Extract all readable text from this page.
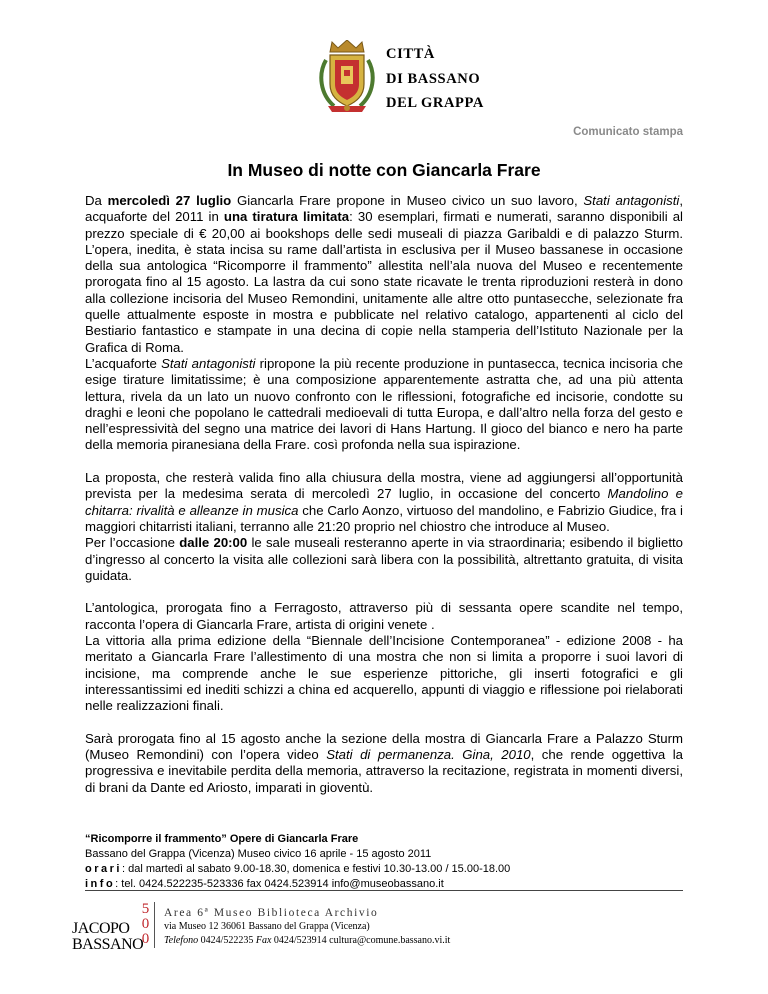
CITTÀ
DI BASSANO
DEL GRAPPA
Comunicato stampa
In Museo di notte con Giancarla Frare

Da mercoledì 27 luglio Giancarla Frare propone in Museo civico un suo lavoro, Stati antagonisti, acquaforte del 2011 in una tiratura limitata: 30 esemplari, firmati e numerati, saranno disponibili al prezzo speciale di € 20,00 ai bookshops delle sedi museali di piazza Garibaldi e di palazzo Sturm. L’opera, inedita, è stata incisa su rame dall’artista in esclusiva per il Museo bassanese in occasione della sua antologica “Ricomporre il frammento” allestita nell’ala nuova del Museo e recentemente prorogata fino al 15 agosto. La lastra da cui sono state ricavate le trenta riproduzioni resterà in dono alla collezione incisoria del Museo Remondini, unitamente alle altre otto puntasecche, selezionate fra quelle attualmente esposte in mostra e pubblicate nel relativo catalogo, appartenenti al ciclo del Bestiario fantastico e stampate in una decina di copie nella stamperia dell’Istituto Nazionale per la Grafica di Roma.

L’acquaforte Stati antagonisti ripropone la più recente produzione in puntasecca, tecnica incisoria che esige tirature limitatissime; è una composizione apparentemente astratta che, ad una più attenta lettura, rivela da un lato un nuovo confronto con le riflessioni, fotografiche ed incisorie, condotte su draghi e leoni che popolano le cattedrali medioevali di tutta Europa, e dall’altro nella forza del gesto e nell’espressività del segno una matrice dei lavori di Hans Hartung. Il gioco del bianco e nero ha parte della memoria piranesiana della Frare. così profonda nella sua ispirazione.

La proposta, che resterà valida fino alla chiusura della mostra, viene ad aggiungersi all’opportunità prevista per la medesima serata di mercoledì 27 luglio, in occasione del concerto Mandolino e chitarra: rivalità e alleanze in musica che Carlo Aonzo, virtuoso del mandolino, e Fabrizio Giudice, fra i maggiori chitarristi italiani, terranno alle 21:20 proprio nel chiostro che introduce al Museo.

Per l’occasione dalle 20:00 le sale museali resteranno aperte in via straordinaria; esibendo il biglietto d’ingresso al concerto la visita alle collezioni sarà libera con la possibilità, altrettanto gratuita, di visita guidata.

L’antologica, prorogata fino a Ferragosto, attraverso più di sessanta opere scandite nel tempo, racconta l’opera di Giancarla Frare, artista di origini venete .

La vittoria alla prima edizione della “Biennale dell’Incisione Contemporanea” - edizione 2008 - ha meritato a Giancarla Frare l’allestimento di una mostra che non si limita a proporre i suoi lavori di incisione, ma comprende anche le sue esperienze pittoriche, gli inserti fotografici e gli interessantissimi ed inediti schizzi a china ed acquerello, appunti di viaggio e riflessione poi rielaborati nelle realizzazioni finali.

Sarà prorogata fino al 15 agosto anche la sezione della mostra di Giancarla Frare a Palazzo Sturm (Museo Remondini) con l’opera video Stati di permanenza. Gina, 2010, che rende oggettiva la progressiva e inevitabile perdita della memoria, attraverso la recitazione, registrata in momenti diversi, di brani da Dante ed Ariosto, imparati in gioventù.

“Ricomporre il frammento” Opere di Giancarla Frare
Bassano del Grappa (Vicenza) Museo civico 16 aprile - 15 agosto 2011
orari: dal martedì al sabato 9.00-18.30, domenica e festivi 10.30-13.00 / 15.00-18.00
info: tel. 0424.522235-523336 fax 0424.523914 info@museobassano.it
JACOPO
BASSANO
5
0
0
Area 6ª Museo Biblioteca Archivio
via Museo 12 36061 Bassano del Grappa (Vicenza)
Telefono 0424/522235 Fax 0424/523914 cultura@comune.bassano.vi.it
